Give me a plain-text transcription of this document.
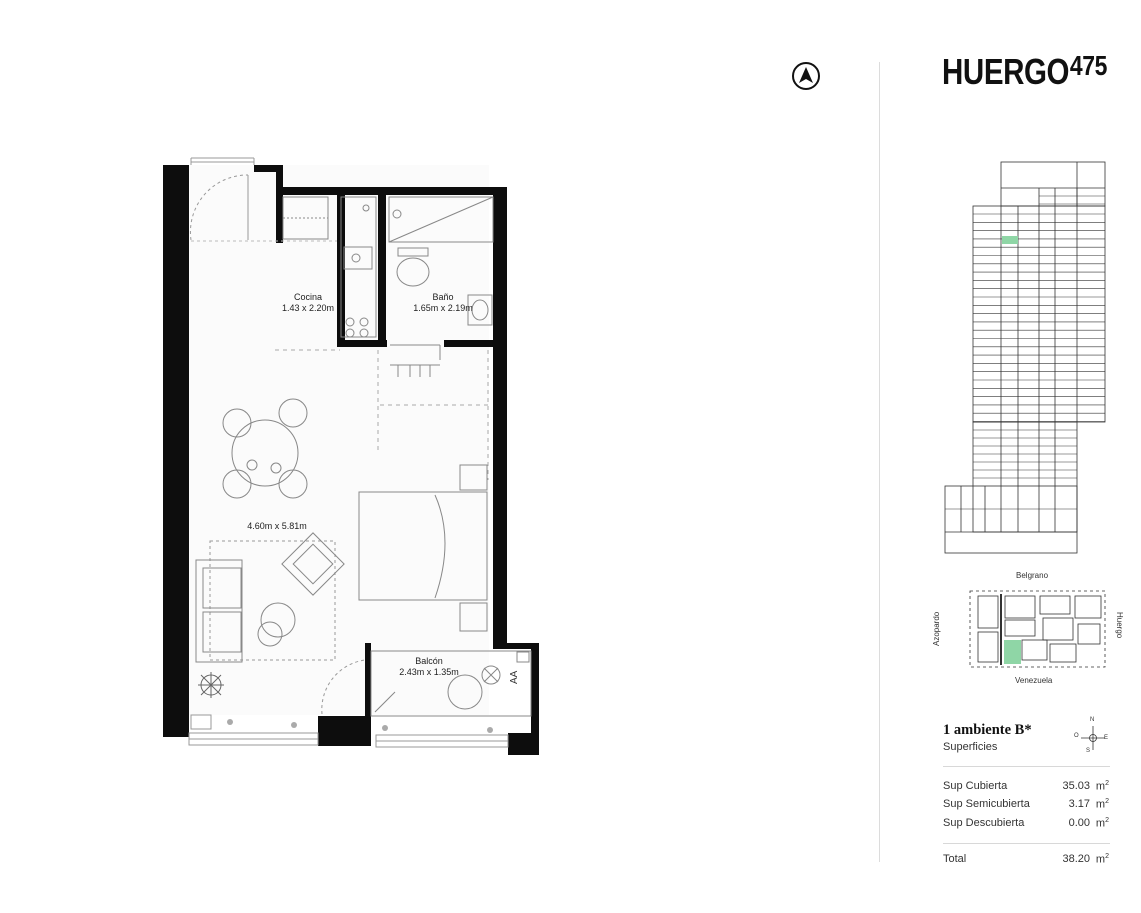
Cocina
1.43 x 2.20m
Baño
1.65m x 2.19m
4.60m x 5.81m
Balcón
2.43m x 1.35m	AA
HUERGO$^{475}$
Belgrano
Venezuela
Azopardo	Huergo
N
S
E
O
1 ambiente B*
Superficies
Sup Cubierta	35.03 $m^2$
Sup Semicubierta	3.17 $m^2$
Sup Descubierta	0.00 $m^2$
Total	38.20 $m^2$
